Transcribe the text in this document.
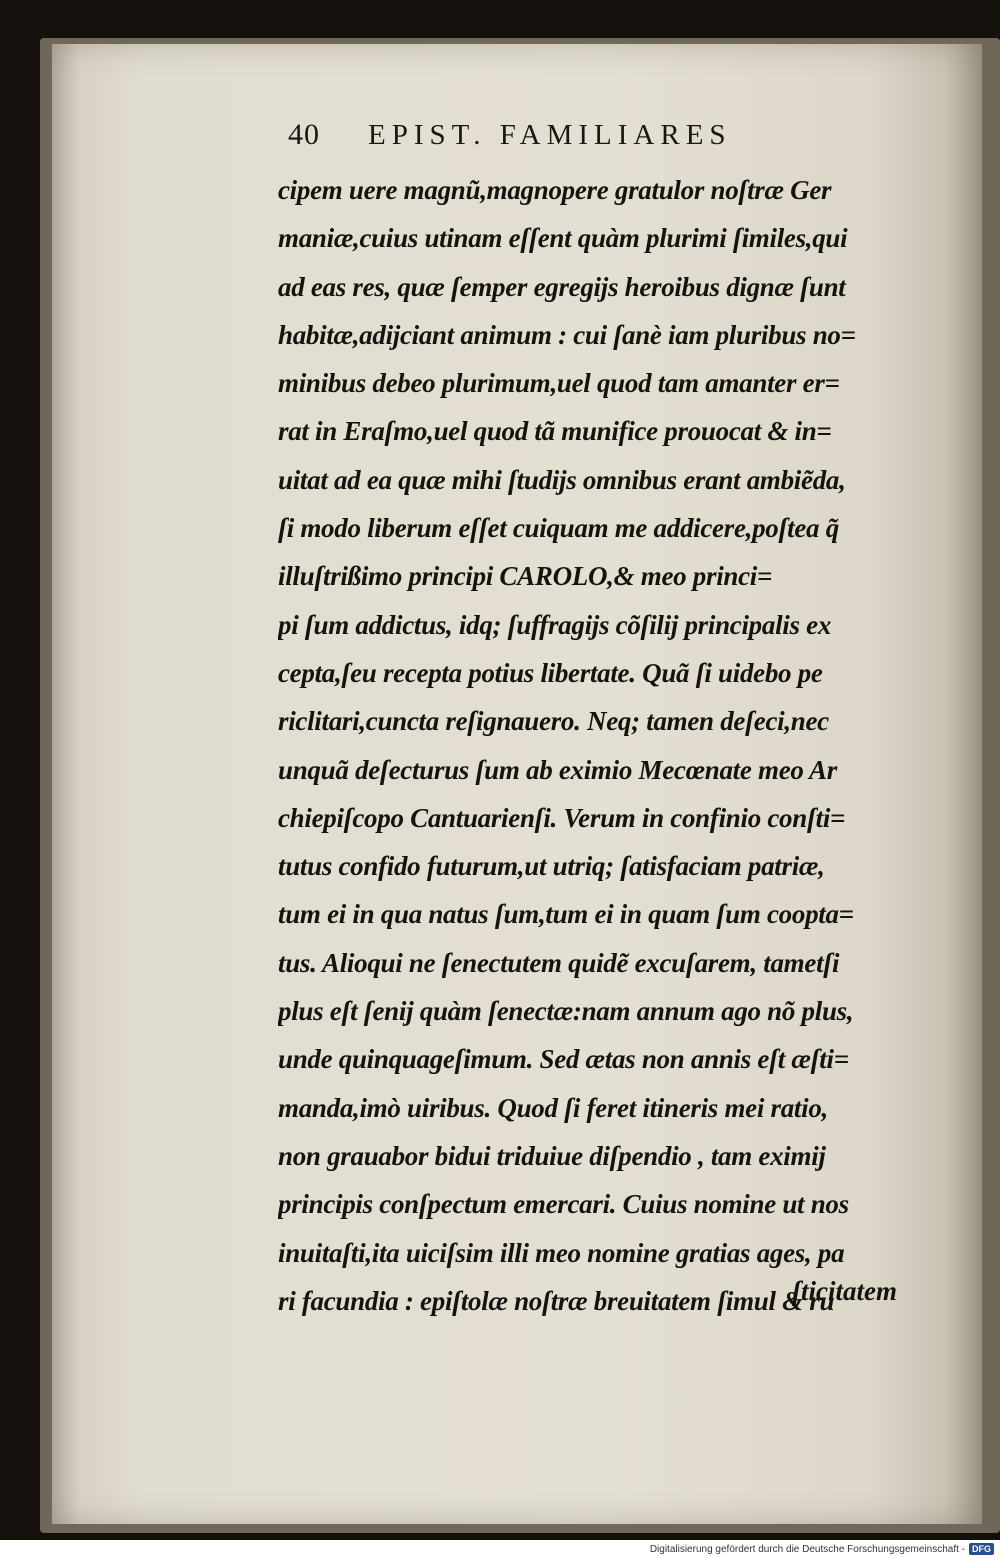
40	EPIST. FAMILIARES
cipem uere magnũ,magnopere gratulor noſtræ Ger
maniæ,cuius utinam eſſent quàm plurimi ſimiles,qui
ad eas res, quæ ſemper egregijs heroibus dignæ ſunt
habitæ,adijciant animum : cui ſanè iam pluribus no=
minibus debeo plurimum,uel quod tam amanter er=
rat in Eraſmo,uel quod tã munifice prouocat & in=
uitat ad ea quæ mihi ſtudijs omnibus erant ambiẽda,
ſi modo liberum eſſet cuiquam me addicere,poſtea q̃
illuſtrißimo principi CAROLO,& meo princi=
pi ſum addictus, idq; ſuffragijs cõſilij principalis ex
cepta,ſeu recepta potius libertate. Quã ſi uidebo pe
riclitari,cuncta reſignauero. Neq; tamen deſeci,nec
unquã deſecturus ſum ab eximio Mecœnate meo Ar
chiepiſcopo Cantuarienſi. Verum in confinio conſti=
tutus confido futurum,ut utriq; ſatisfaciam patriæ,
tum ei in qua natus ſum,tum ei in quam ſum coopta=
tus. Alioqui ne ſenectutem quidẽ excuſarem, tametſi
plus eſt ſenij quàm ſenectæ:nam annum ago nõ plus,
unde quinquageſimum. Sed ætas non annis eſt æſti=
manda,imò uiribus. Quod ſi feret itineris mei ratio,
non grauabor bidui triduiue diſpendio , tam eximij
principis conſpectum emercari. Cuius nomine ut nos
inuitaſti,ita uiciſsim illi meo nomine gratias ages, pa
ri facundia : epiſtolæ noſtræ breuitatem ſimul & ru
ſticitatem
Digitalisierung gefördert durch die Deutsche Forschungsgemeinschaft - DFG
